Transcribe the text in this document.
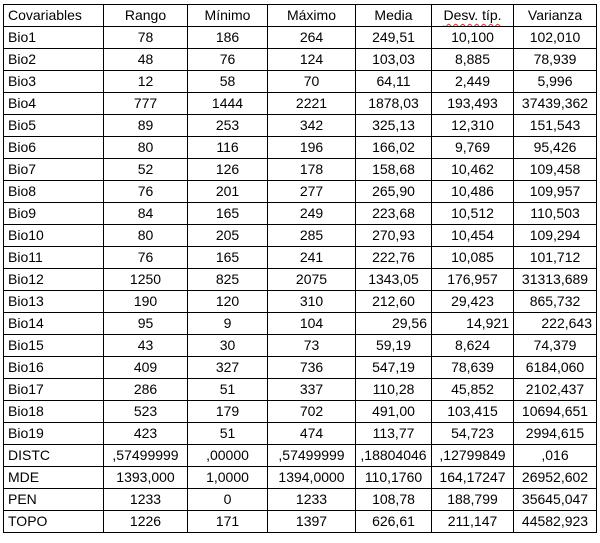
Covariables	Rango	Mínimo	Máximo	Media	Desv. típ.	Varianza
Bio1	78	186	264	249,51	10,100	102,010
Bio2	48	76	124	103,03	8,885	78,939
Bio3	12	58	70	64,11	2,449	5,996
Bio4	777	1444	2221	1878,03	193,493	37439,362
Bio5	89	253	342	325,13	12,310	151,543
Bio6	80	116	196	166,02	9,769	95,426
Bio7	52	126	178	158,68	10,462	109,458
Bio8	76	201	277	265,90	10,486	109,957
Bio9	84	165	249	223,68	10,512	110,503
Bio10	80	205	285	270,93	10,454	109,294
Bio11	76	165	241	222,76	10,085	101,712
Bio12	1250	825	2075	1343,05	176,957	31313,689
Bio13	190	120	310	212,60	29,423	865,732
Bio14	95	9	104	29,56	14,921	222,643
Bio15	43	30	73	59,19	8,624	74,379
Bio16	409	327	736	547,19	78,639	6184,060
Bio17	286	51	337	110,28	45,852	2102,437
Bio18	523	179	702	491,00	103,415	10694,651
Bio19	423	51	474	113,77	54,723	2994,615
DISTC	,57499999	,00000	,57499999	,18804046	,12799849	,016
MDE	1393,000	1,0000	1394,0000	110,1760	164,17247	26952,602
PEN	1233	0	1233	108,78	188,799	35645,047
TOPO	1226	171	1397	626,61	211,147	44582,923
